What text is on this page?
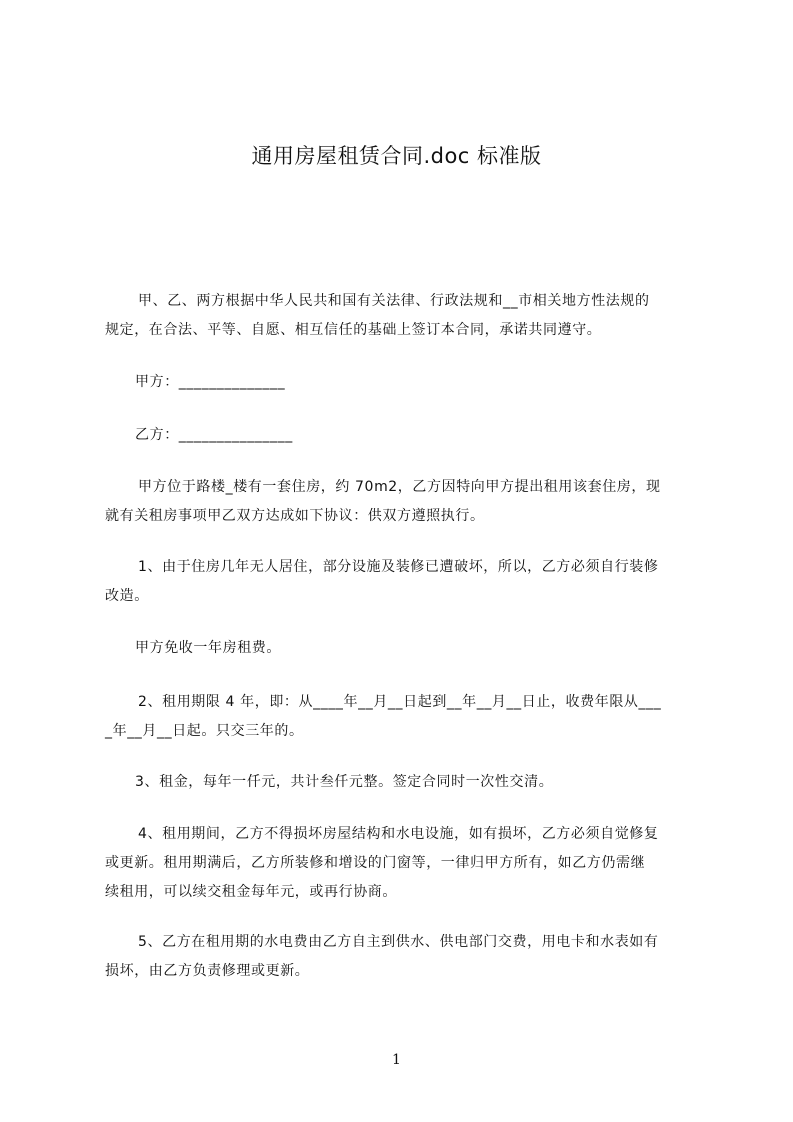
通用房屋租赁合同.doc 标准版

甲、乙、两方根据中华人民共和国有关法律、行政法规和__市相关地方性法规的

规定，在合法、平等、自愿、相互信任的基础上签订本合同，承诺共同遵守。

甲方：______________

乙方：_______________

甲方位于路楼_楼有一套住房，约 70m2，乙方因特向甲方提出租用该套住房，现

就有关租房事项甲乙双方达成如下协议：供双方遵照执行。

1、由于住房几年无人居住，部分设施及装修已遭破坏，所以，乙方必须自行装修

改造。

甲方免收一年房租费。

2、租用期限 4 年，即：从____年__月__日起到__年__月__日止，收费年限从___

_年__月__日起。只交三年的。

3、租金，每年一仟元，共计叁仟元整。签定合同时一次性交清。

4、租用期间，乙方不得损坏房屋结构和水电设施，如有损坏，乙方必须自觉修复

或更新。租用期满后，乙方所装修和增设的门窗等，一律归甲方所有，如乙方仍需继

续租用，可以续交租金每年元，或再行协商。

5、乙方在租用期的水电费由乙方自主到供水、供电部门交费，用电卡和水表如有

损坏，由乙方负责修理或更新。

1
